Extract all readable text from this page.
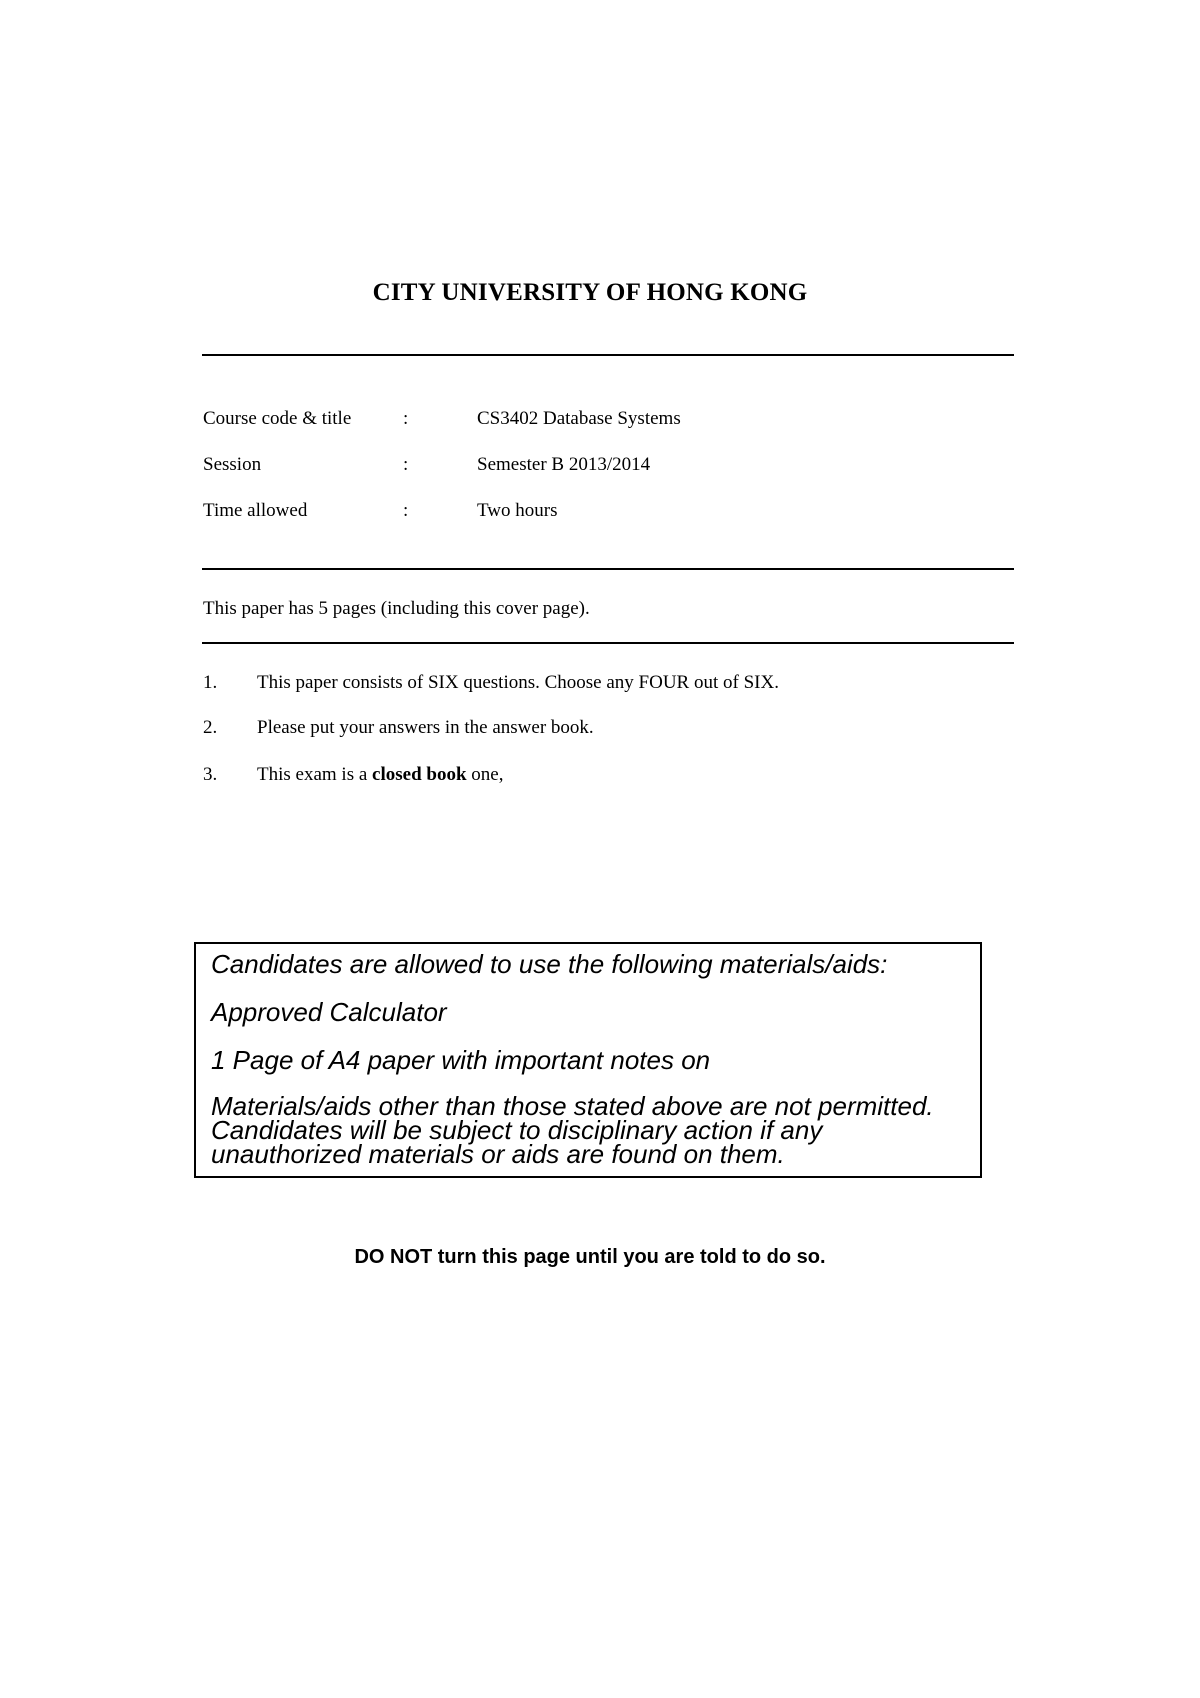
CITY UNIVERSITY OF HONG KONG
Course code & title	:	CS3402 Database Systems
Session	:	Semester B 2013/2014
Time allowed	:	Two hours
This paper has 5 pages (including this cover page).
1. This paper consists of SIX questions. Choose any FOUR out of SIX.
2. Please put your answers in the answer book.
3. This exam is a closed book one,
Candidates are allowed to use the following materials/aids:
Approved Calculator
1 Page of A4 paper with important notes on
Materials/aids other than those stated above are not permitted. Candidates will be subject to disciplinary action if any unauthorized materials or aids are found on them.
DO NOT turn this page until you are told to do so.
